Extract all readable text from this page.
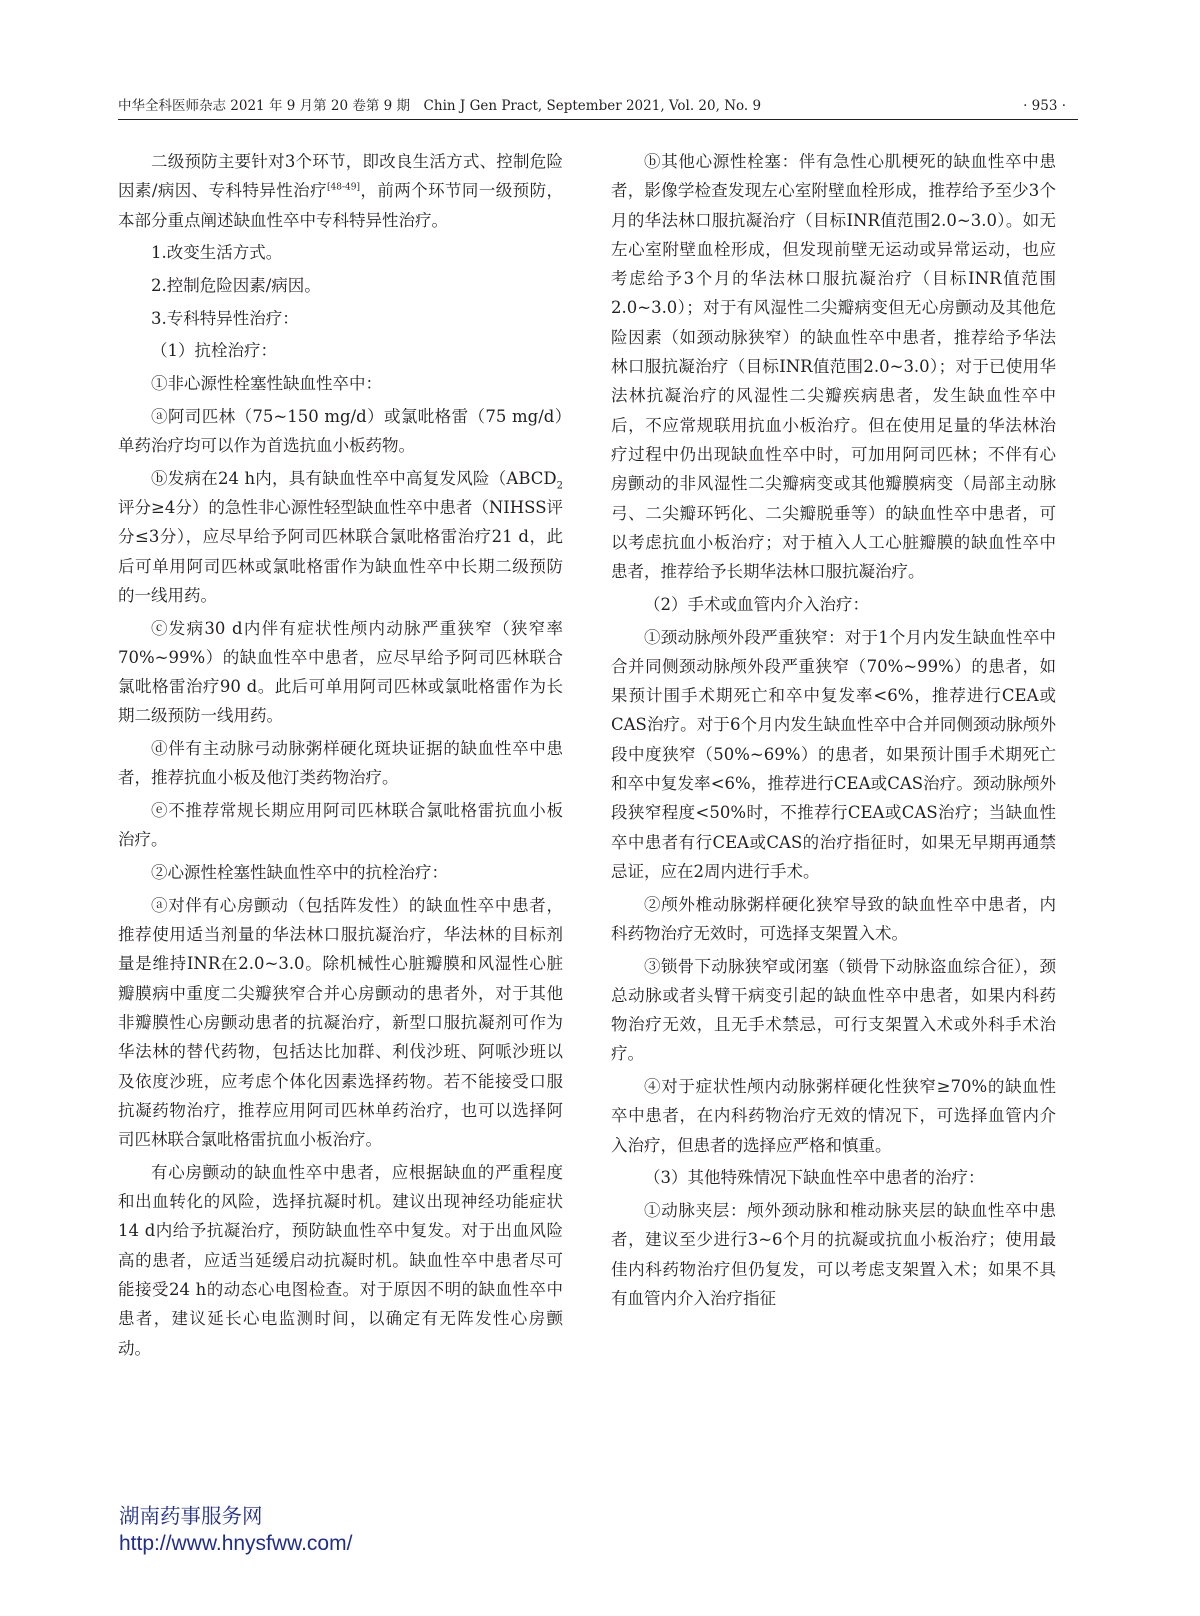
中华全科医师杂志 2021 年 9 月第 20 卷第 9 期　Chin J Gen Pract, September 2021, Vol. 20, No. 9	· 953 ·

二级预防主要针对3个环节，即改良生活方式、控制危险因素/病因、专科特异性治疗[48-49]，前两个环节同一级预防，本部分重点阐述缺血性卒中专科特异性治疗。

1.改变生活方式。

2.控制危险因素/病因。

3.专科特异性治疗：

（1）抗栓治疗：

①非心源性栓塞性缺血性卒中：

ⓐ阿司匹林（75~150 mg/d）或氯吡格雷（75 mg/d）单药治疗均可以作为首选抗血小板药物。

ⓑ发病在24 h内，具有缺血性卒中高复发风险（$ABCD_2$评分≥4分）的急性非心源性轻型缺血性卒中患者（NIHSS评分≤3分），应尽早给予阿司匹林联合氯吡格雷治疗21 d，此后可单用阿司匹林或氯吡格雷作为缺血性卒中长期二级预防的一线用药。

ⓒ发病30 d内伴有症状性颅内动脉严重狭窄（狭窄率70%~99%）的缺血性卒中患者，应尽早给予阿司匹林联合氯吡格雷治疗90 d。此后可单用阿司匹林或氯吡格雷作为长期二级预防一线用药。

ⓓ伴有主动脉弓动脉粥样硬化斑块证据的缺血性卒中患者，推荐抗血小板及他汀类药物治疗。

ⓔ不推荐常规长期应用阿司匹林联合氯吡格雷抗血小板治疗。

②心源性栓塞性缺血性卒中的抗栓治疗：

ⓐ对伴有心房颤动（包括阵发性）的缺血性卒中患者，推荐使用适当剂量的华法林口服抗凝治疗，华法林的目标剂量是维持INR在2.0~3.0。除机械性心脏瓣膜和风湿性心脏瓣膜病中重度二尖瓣狭窄合并心房颤动的患者外，对于其他非瓣膜性心房颤动患者的抗凝治疗，新型口服抗凝剂可作为华法林的替代药物，包括达比加群、利伐沙班、阿哌沙班以及依度沙班，应考虑个体化因素选择药物。若不能接受口服抗凝药物治疗，推荐应用阿司匹林单药治疗，也可以选择阿司匹林联合氯吡格雷抗血小板治疗。

有心房颤动的缺血性卒中患者，应根据缺血的严重程度和出血转化的风险，选择抗凝时机。建议出现神经功能症状14 d内给予抗凝治疗，预防缺血性卒中复发。对于出血风险高的患者，应适当延缓启动抗凝时机。缺血性卒中患者尽可能接受24 h的动态心电图检查。对于原因不明的缺血性卒中患者，建议延长心电监测时间，以确定有无阵发性心房颤动。

ⓑ其他心源性栓塞：伴有急性心肌梗死的缺血性卒中患者，影像学检查发现左心室附壁血栓形成，推荐给予至少3个月的华法林口服抗凝治疗（目标INR值范围2.0~3.0）。如无左心室附壁血栓形成，但发现前壁无运动或异常运动，也应考虑给予3个月的华法林口服抗凝治疗（目标INR值范围2.0~3.0）；对于有风湿性二尖瓣病变但无心房颤动及其他危险因素（如颈动脉狭窄）的缺血性卒中患者，推荐给予华法林口服抗凝治疗（目标INR值范围2.0~3.0）；对于已使用华法林抗凝治疗的风湿性二尖瓣疾病患者，发生缺血性卒中后，不应常规联用抗血小板治疗。但在使用足量的华法林治疗过程中仍出现缺血性卒中时，可加用阿司匹林；不伴有心房颤动的非风湿性二尖瓣病变或其他瓣膜病变（局部主动脉弓、二尖瓣环钙化、二尖瓣脱垂等）的缺血性卒中患者，可以考虑抗血小板治疗；对于植入人工心脏瓣膜的缺血性卒中患者，推荐给予长期华法林口服抗凝治疗。

（2）手术或血管内介入治疗：

①颈动脉颅外段严重狭窄：对于1个月内发生缺血性卒中合并同侧颈动脉颅外段严重狭窄（70%~99%）的患者，如果预计围手术期死亡和卒中复发率<6%，推荐进行CEA或CAS治疗。对于6个月内发生缺血性卒中合并同侧颈动脉颅外段中度狭窄（50%~69%）的患者，如果预计围手术期死亡和卒中复发率<6%，推荐进行CEA或CAS治疗。颈动脉颅外段狭窄程度<50%时，不推荐行CEA或CAS治疗；当缺血性卒中患者有行CEA或CAS的治疗指征时，如果无早期再通禁忌证，应在2周内进行手术。

②颅外椎动脉粥样硬化狭窄导致的缺血性卒中患者，内科药物治疗无效时，可选择支架置入术。

③锁骨下动脉狭窄或闭塞（锁骨下动脉盗血综合征），颈总动脉或者头臂干病变引起的缺血性卒中患者，如果内科药物治疗无效，且无手术禁忌，可行支架置入术或外科手术治疗。

④对于症状性颅内动脉粥样硬化性狭窄≥70%的缺血性卒中患者，在内科药物治疗无效的情况下，可选择血管内介入治疗，但患者的选择应严格和慎重。

（3）其他特殊情况下缺血性卒中患者的治疗：

①动脉夹层：颅外颈动脉和椎动脉夹层的缺血性卒中患者，建议至少进行3~6个月的抗凝或抗血小板治疗；使用最佳内科药物治疗但仍复发，可以考虑支架置入术；如果不具有血管内介入治疗指征

湖南药事服务网
http://www.hnysfww.com/
